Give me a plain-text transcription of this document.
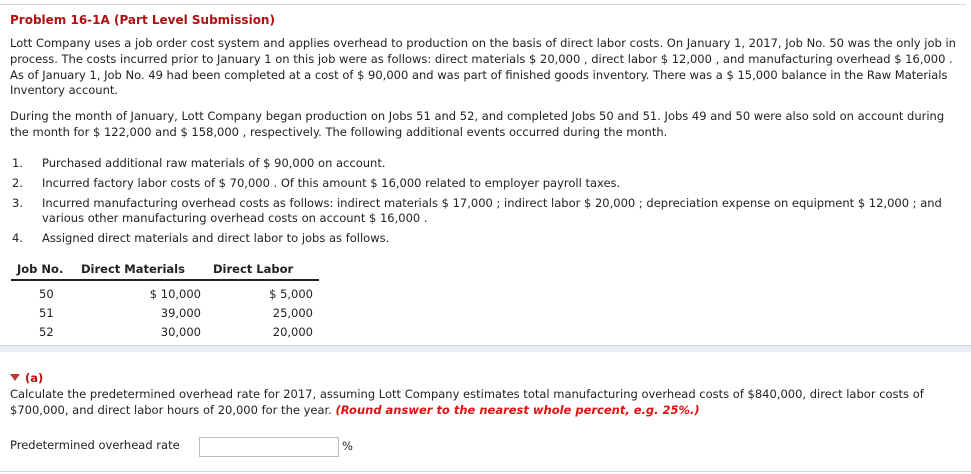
Problem 16-1A (Part Level Submission)
Lott Company uses a job order cost system and applies overhead to production on the basis of direct labor costs. On January 1, 2017, Job No. 50 was the only job in process. The costs incurred prior to January 1 on this job were as follows: direct materials $ 20,000 , direct labor $ 12,000 , and manufacturing overhead $ 16,000 . As of January 1, Job No. 49 had been completed at a cost of $ 90,000 and was part of finished goods inventory. There was a $ 15,000 balance in the Raw Materials Inventory account.
During the month of January, Lott Company began production on Jobs 51 and 52, and completed Jobs 50 and 51. Jobs 49 and 50 were also sold on account during the month for $ 122,000 and $ 158,000 , respectively. The following additional events occurred during the month.
1. Purchased additional raw materials of $ 90,000 on account.
2. Incurred factory labor costs of $ 70,000 . Of this amount $ 16,000 related to employer payroll taxes.
3. Incurred manufacturing overhead costs as follows: indirect materials $ 17,000 ; indirect labor $ 20,000 ; depreciation expense on equipment $ 12,000 ; and various other manufacturing overhead costs on account $ 16,000 .
4. Assigned direct materials and direct labor to jobs as follows.
Job No.	Direct Materials	Direct Labor
50	$ 10,000	$ 5,000
51	39,000	25,000
52	30,000	20,000
(a)
Calculate the predetermined overhead rate for 2017, assuming Lott Company estimates total manufacturing overhead costs of $840,000, direct labor costs of $700,000, and direct labor hours of 20,000 for the year. (Round answer to the nearest whole percent, e.g. 25%.)
Predetermined overhead rate	%
